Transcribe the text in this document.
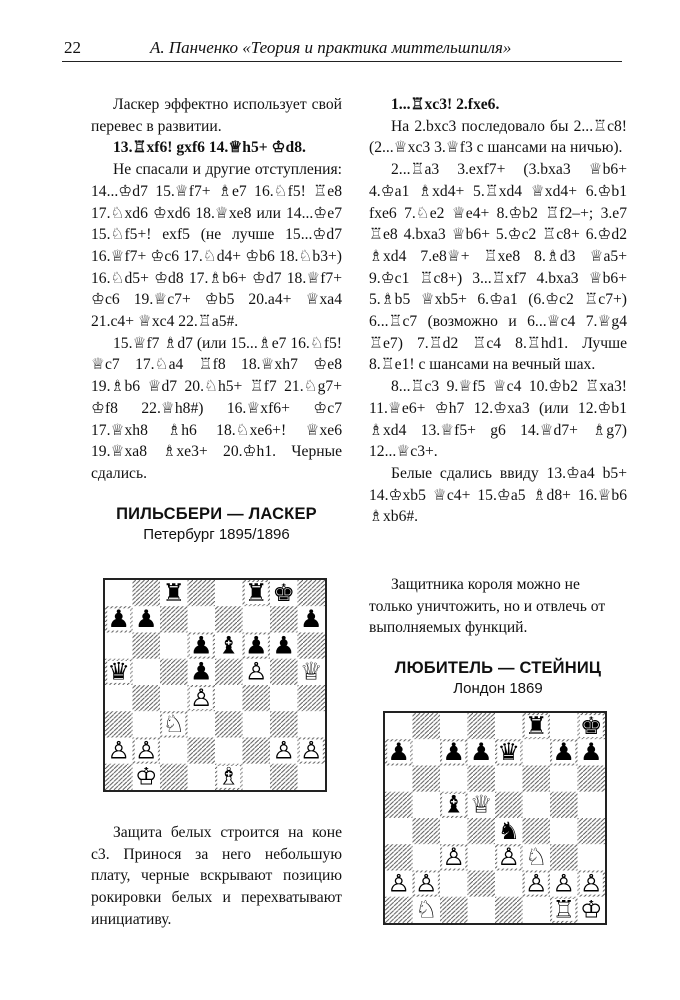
22	А. Панченко «Теория и практика миттельшпиля»

Ласкер эффектно использует свой перевес в развитии.

13.♖xf6! gxf6 14.♕h5+ ♔d8.

Не спасали и другие отступления: 14...♔d7 15.♕f7+ ♗e7 16.♘f5! ♖e8 17.♘xd6 ♔xd6 18.♕xe8 или 14...♔e7 15.♘f5+! exf5 (не лучше 15...♔d7 16.♕f7+ ♔c6 17.♘d4+ ♔b6 18.♘b3+) 16.♘d5+ ♔d8 17.♗b6+ ♔d7 18.♕f7+ ♔c6 19.♕c7+ ♔b5 20.a4+ ♕xa4 21.c4+ ♕xc4 22.♖a5#.

15.♕f7 ♗d7 (или 15...♗e7 16.♘f5! ♕c7 17.♘a4 ♖f8 18.♕xh7 ♔e8 19.♗b6 ♕d7 20.♘h5+ ♖f7 21.♘g7+ ♔f8 22.♕h8#) 16.♕xf6+ ♔c7 17.♕xh8 ♗h6 18.♘xe6+! ♕xe6 19.♕xa8 ♗xe3+ 20.♔h1. Черные сдались.

ПИЛЬСБЕРИ — ЛАСКЕР
Петербург 1895/1896

Защита белых строится на коне c3. Принося за него небольшую плату, черные вскрывают позицию рокировки белых и перехватывают инициативу.

1...♖xc3! 2.fxe6.

На 2.bxc3 последовало бы 2...♖c8! (2...♕xc3 3.♕f3 с шансами на ничью).

2...♖a3 3.exf7+ (3.bxa3 ♕b6+ 4.♔a1 ♗xd4+ 5.♖xd4 ♕xd4+ 6.♔b1 fxe6 7.♘e2 ♕e4+ 8.♔b2 ♖f2–+; 3.e7 ♖e8 4.bxa3 ♕b6+ 5.♔c2 ♖c8+ 6.♔d2 ♗xd4 7.e8♕+ ♖xe8 8.♗d3 ♕a5+ 9.♔c1 ♖c8+) 3...♖xf7 4.bxa3 ♕b6+ 5.♗b5 ♕xb5+ 6.♔a1 (6.♔c2 ♖c7+) 6...♖c7 (возможно и 6...♕c4 7.♕g4 ♖e7) 7.♖d2 ♖c4 8.♖hd1. Лучше 8.♖e1! с шансами на вечный шах.

8...♖c3 9.♕f5 ♕c4 10.♔b2 ♖xa3! 11.♕e6+ ♔h7 12.♔xa3 (или 12.♔b1 ♗xd4 13.♕f5+ g6 14.♕d7+ ♗g7) 12...♕c3+.

Белые сдались ввиду 13.♔a4 b5+ 14.♔xb5 ♕c4+ 15.♔a5 ♗d8+ 16.♕b6 ♗xb6#.

Защитника короля можно не только уничтожить, но и отвлечь от выполняемых функций.

ЛЮБИТЕЛЬ — СТЕЙНИЦ
Лондон 1869
